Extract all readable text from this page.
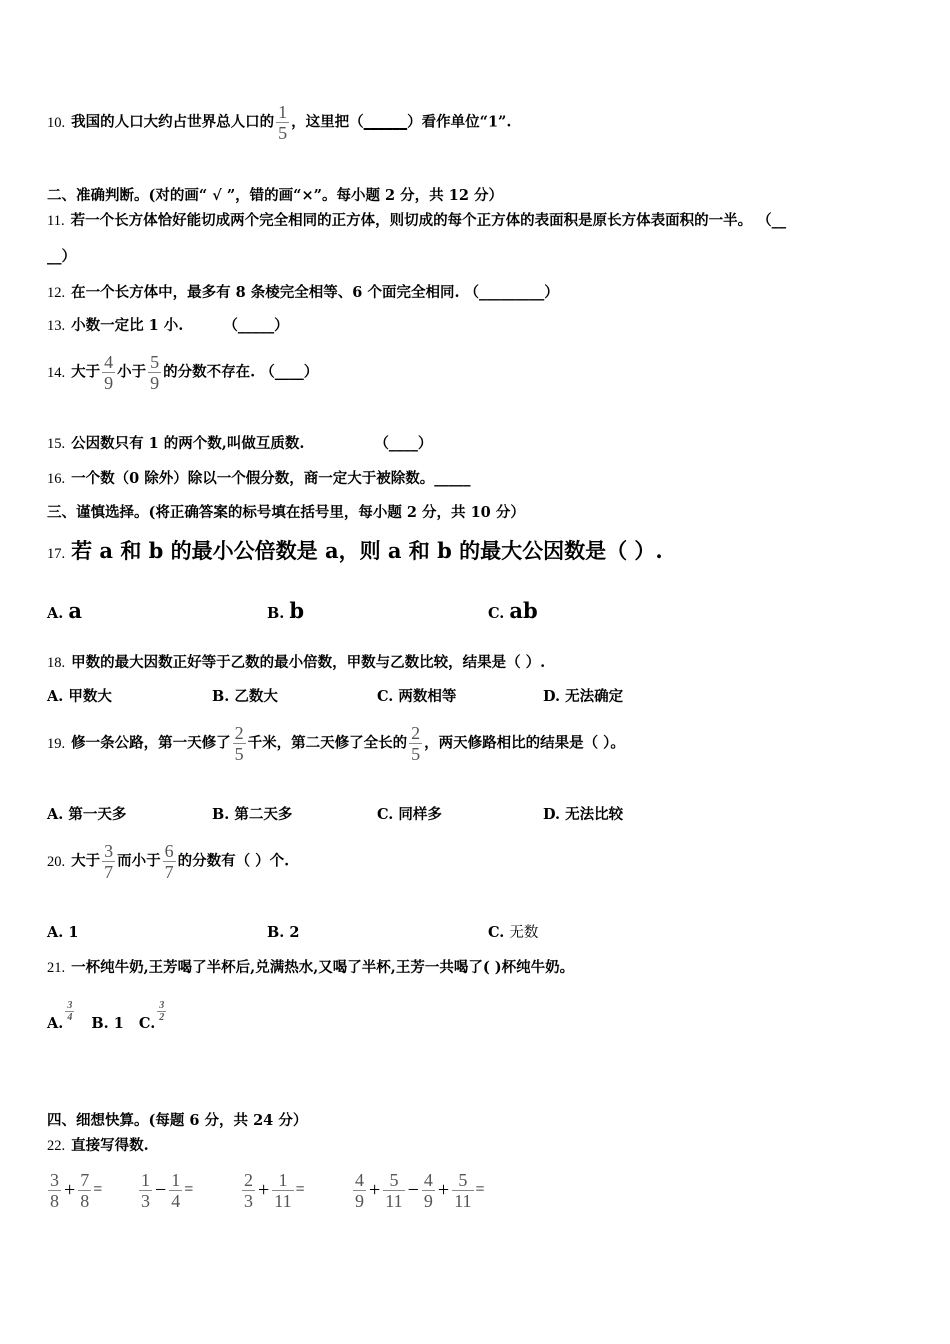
10. 我国的人口大约占世界总人口的 $\frac{1}{5}$ ，这里把（______）看作单位“1”.
二、准确判断。(对的画“ √ ”，错的画“×”。每小题 2 分，共 12 分）
11. 若一个长方体恰好能切成两个完全相同的正方体，则切成的每个正方体的表面积是原长方体表面积的一半。 （__
__）
12. 在一个长方体中，最多有 8 条棱完全相等、6 个面完全相同. （_________）
13. 小数一定比 1 小.	（_____）
14. 大于 $\frac{4}{9}$ 小于 $\frac{5}{9}$ 的分数不存在. （____）
15. 公因数只有 1 的两个数,叫做互质数.	（____）
16. 一个数（0 除外）除以一个假分数，商一定大于被除数。_____
三、谨慎选择。(将正确答案的标号填在括号里，每小题 2 分，共 10 分）
17. 若 a 和 b 的最小公倍数是 a，则 a 和 b 的最大公因数是（ ）.
A. a	B. b	C. ab
18. 甲数的最大因数正好等于乙数的最小倍数，甲数与乙数比较，结果是（ ）.
A. 甲数大	B. 乙数大	C. 两数相等	D. 无法确定
19. 修一条公路，第一天修了 $\frac{2}{5}$ 千米，第二天修了全长的 $\frac{2}{5}$ ，两天修路相比的结果是（ ）。
A. 第一天多	B. 第二天多	C. 同样多	D. 无法比较
20. 大于 $\frac{3}{7}$ 而小于 $\frac{6}{7}$ 的分数有（ ）个.
A. 1	B. 2	C. 无数
21. 一杯纯牛奶,王芳喝了半杯后,兑满热水,又喝了半杯,王芳一共喝了( )杯纯牛奶。
A.
$\frac{3}{4}$
B. 1 C.
$\frac{3}{2}$
四、细想快算。(每题 6 分，共 24 分）
22. 直接写得数.
$\frac{3}{8} + \frac{7}{8} = \frac{1}{3} - \frac{1}{4}$ =	$\frac{2}{3} + \frac{1}{11}$ =	$\frac{4}{9} + \frac{5}{11} - \frac{4}{9} + \frac{5}{11}$ =
